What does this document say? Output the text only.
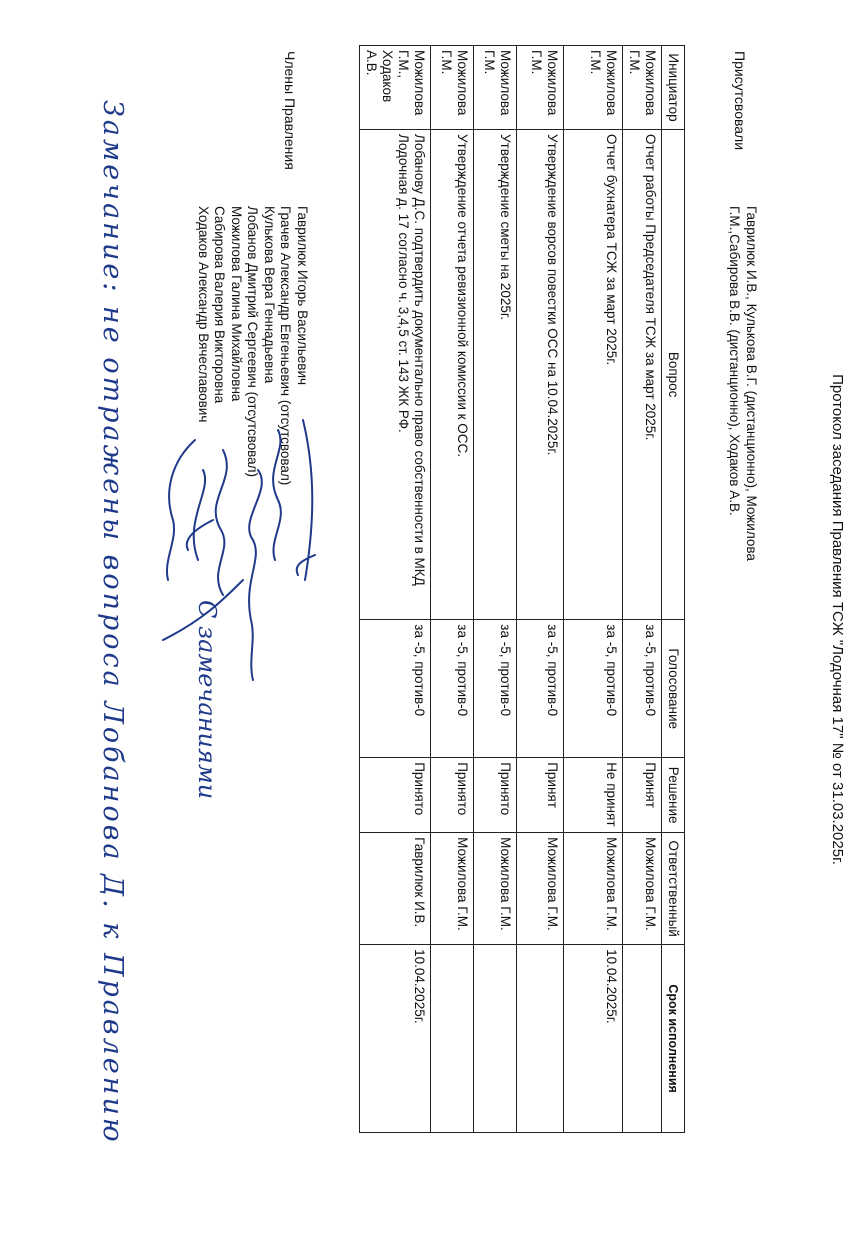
Протокол заседания Правления ТСЖ "Лодочная 17" № от 31.03.2025г.
Присутсвовали
Гаврилюк И.В., Кулькова В.Г. (дистанционно), Можилова
Г.М.,Сабирова В.В. (дистанционно), Ходаков А.В.
Инициатор	Вопрос	Голосование	Решение	Ответственный	Срок исполнения
Можилова Г.М.	Отчет работы Председателя ТСЖ за март 2025г.	за -5, против-0	Принят	Можилова Г.М.	
Можилова Г.М.	Отчет бухнатера ТСЖ за март 2025г.	за -5, против-0	Не принят	Можилова Г.М.	10.04.2025г.
Можилова Г.М.	Утверждение ворсов повестки ОСС на 10.04.2025г.	за -5, против-0	Принят	Можилова Г.М.	
Можилова Г.М.	Утверждение сметы на 2025г.	за -5, против-0	Принято	Можилова Г.М.	
Можилова Г.М.	Утверждение отчета ревизионной комиссии к ОСС.	за -5, против-0	Принято	Можилова Г.М.	
Можилова Г.М., Ходаков А.В.	Лобанову Д.С. подтвердить документально право собственности в МКД Лодочная д. 17 согласно ч. 3,4,5 ст. 143 ЖК РФ.	за -5, против-0	Принято	Гаврилюк И.В.	10.04.2025г.
Члены Правления
Гаврилюк Игорь Васильевич
Грачев Александр Евгеньевич (отсутсвовал)
Кулькова Вера Геннадьевна
Лобанов Дмитрий Сергеевич (отсутсвовал)
Можилова Галина Михайловна
Сабирова Валерия Викторовна
Ходаков Александр Вячеславович
С замечаниями
Замечание: не отражены вопроса Лобанова Д. к Правлению
